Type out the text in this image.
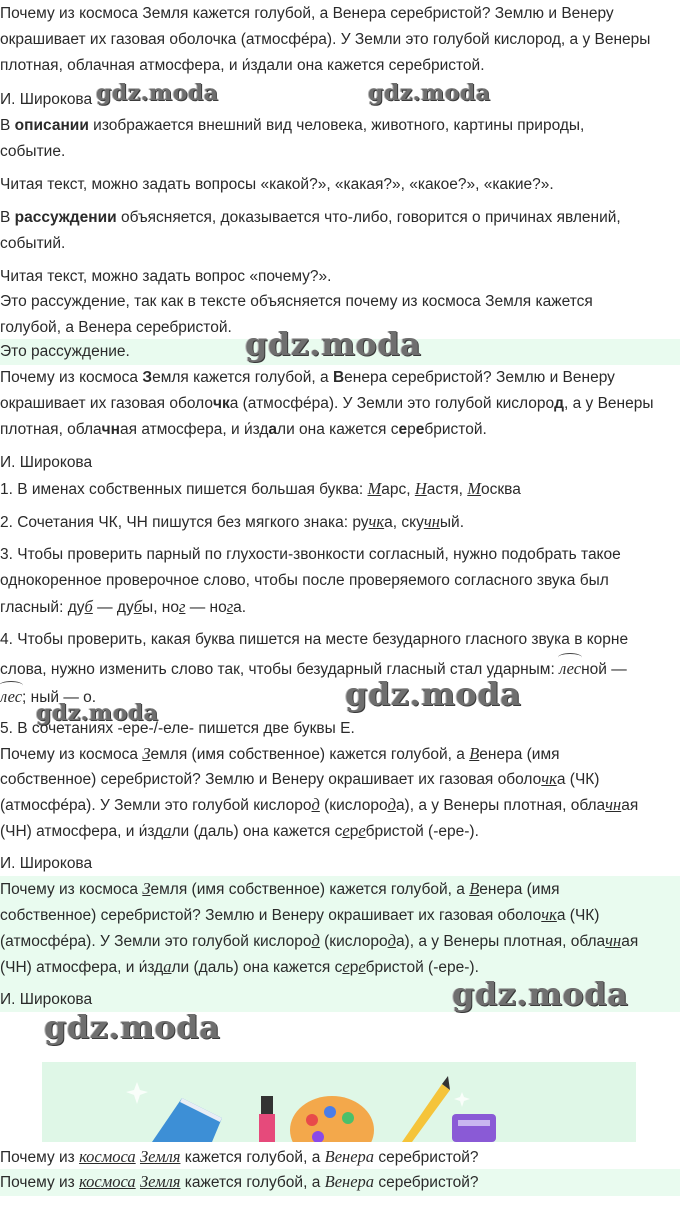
Почему из космоса Земля кажется голубой, а Венера серебристой? Землю и Венеру

окрашивает их газовая оболочка (атмосфе́ра). У Земли это голубой кислород, а у Венеры

плотная, облачная атмосфера, и и́здали она кажется серебристой.

И. Широкова gdz.moda	gdz.moda

В описании изображается внешний вид человека, животного, картины природы,

событие.

Читая текст, можно задать вопросы «какой?», «какая?», «какое?», «какие?».

В рассуждении объясняется, доказывается что-либо, говорится о причинах явлений,

событий.

Читая текст, можно задать вопрос «почему?».

Это рассуждение, так как в тексте объясняется почему из космоса Земля кажется

голубой, а Венера серебристой.

Это рассуждение.	gdz.moda

Почему из космоса Земля кажется голубой, а Венера серебристой? Землю и Венеру

окрашивает их газовая оболочка (атмосфе́ра). У Земли это голубой кислород, а у Венеры

плотная, облачная атмосфера, и и́здали она кажется серебристой.

И. Широкова

1. В именах собственных пишется большая буква: Марс, Настя, Москва

2. Сочетания ЧК, ЧН пишутся без мягкого знака: ручка, скучный.

3. Чтобы проверить парный по глухости-звонкости согласный, нужно подобрать такое

однокоренное проверочное слово, чтобы после проверяемого согласного звука был

гласный: дуб — дубы, ног — нога.

4. Чтобы проверить, какая буква пишется на месте безударного гласного звука в корне

слова, нужно изменить слово так, чтобы безударный гласный стал ударным: лесной —

лес; ный — о.

gdz.moda	gdz.moda

5. В сочетаниях -ере-/-еле- пишется две буквы Е.

Почему из космоса Земля (имя собственное) кажется голубой, а Венера (имя

собственное) серебристой? Землю и Венеру окрашивает их газовая оболочка (ЧК)

(атмосфе́ра). У Земли это голубой кислород (кислорода), а у Венеры плотная, облачная

(ЧН) атмосфера, и и́здали (даль) она кажется серебристой (-ере-).

И. Широкова

Почему из космоса Земля (имя собственное) кажется голубой, а Венера (имя

собственное) серебристой? Землю и Венеру окрашивает их газовая оболочка (ЧК)

(атмосфе́ра). У Земли это голубой кислород (кислорода), а у Венеры плотная, облачная

(ЧН) атмосфера, и и́здали (даль) она кажется серебристой (-ере-).

И. Широкова	gdz.moda
gdz.moda

Почему из космоса Земля кажется голубой, а Венера серебристой?

Почему из космоса Земля кажется голубой, а Венера серебристой?
